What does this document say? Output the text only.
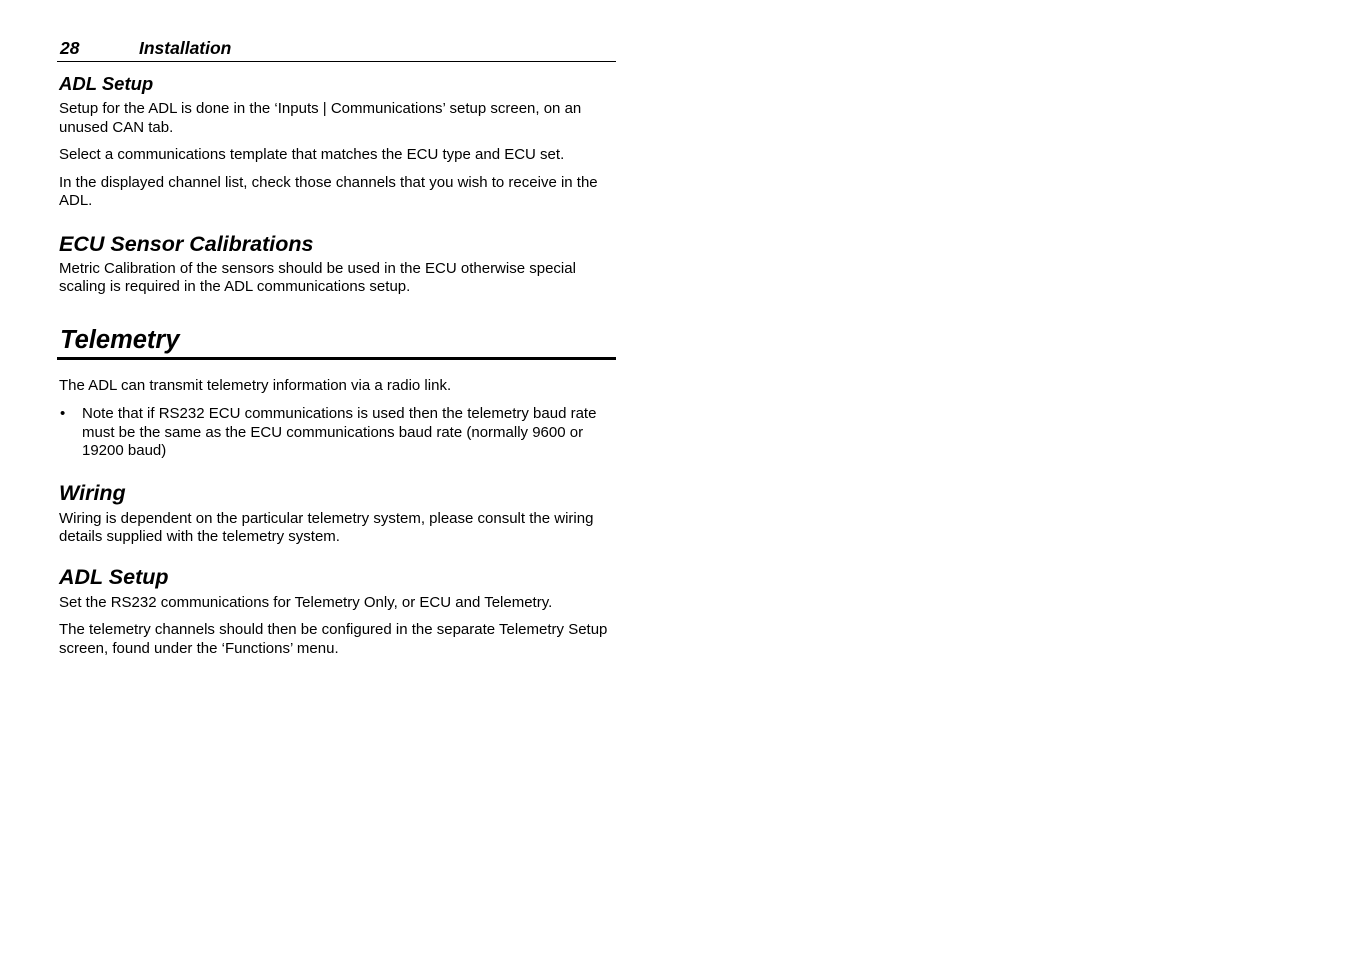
28	Installation
ADL Setup

Setup for the ADL is done in the ‘Inputs | Communications’ setup screen, on an unused CAN tab.

Select a communications template that matches the ECU type and ECU set.

In the displayed channel list, check those channels that you wish to receive in the ADL.

ECU Sensor Calibrations

Metric Calibration of the sensors should be used in the ECU otherwise special scaling is required in the ADL communications setup.

Telemetry

The ADL can transmit telemetry information via a radio link.

• Note that if RS232 ECU communications is used then the telemetry baud rate must be the same as the ECU communications baud rate (normally 9600 or 19200 baud)
Wiring

Wiring is dependent on the particular telemetry system, please consult the wiring details supplied with the telemetry system.

ADL Setup

Set the RS232 communications for Telemetry Only, or ECU and Telemetry.

The telemetry channels should then be configured in the separate Telemetry Setup screen, found under the ‘Functions’ menu.
